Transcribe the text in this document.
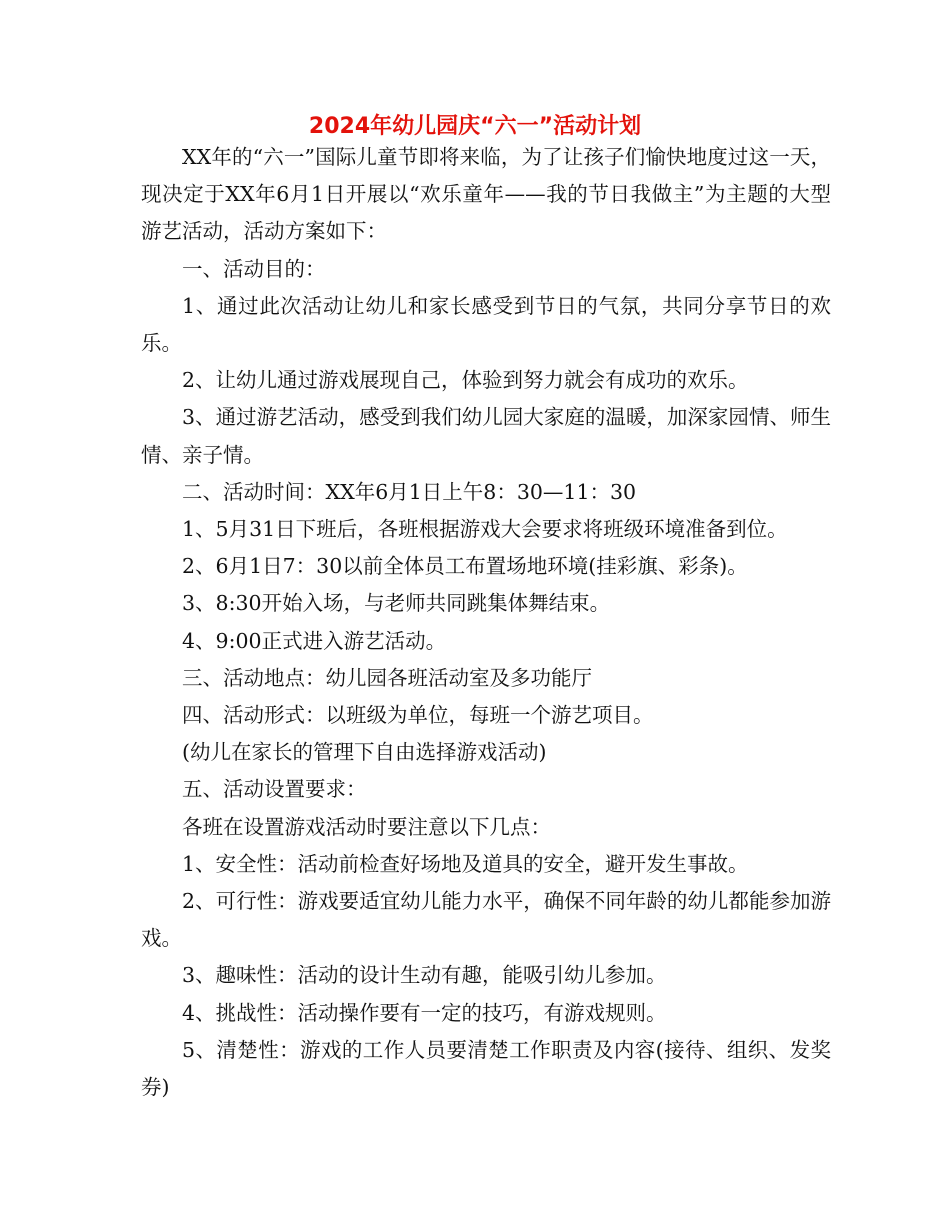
2024年幼儿园庆“六一”活动计划

XX年的“六一”国际儿童节即将来临，为了让孩子们愉快地度过这一天，现决定于XX年6月1日开展以“欢乐童年——我的节日我做主”为主题的大型游艺活动，活动方案如下：

一、活动目的：

1、通过此次活动让幼儿和家长感受到节日的气氛，共同分享节日的欢乐。

2、让幼儿通过游戏展现自己，体验到努力就会有成功的欢乐。

3、通过游艺活动，感受到我们幼儿园大家庭的温暖，加深家园情、师生情、亲子情。

二、活动时间：XX年6月1日上午8：30—11：30

1、5月31日下班后，各班根据游戏大会要求将班级环境准备到位。

2、6月1日7：30以前全体员工布置场地环境(挂彩旗、彩条)。

3、8:30开始入场，与老师共同跳集体舞结束。

4、9:00正式进入游艺活动。

三、活动地点：幼儿园各班活动室及多功能厅

四、活动形式：以班级为单位，每班一个游艺项目。

(幼儿在家长的管理下自由选择游戏活动)

五、活动设置要求：

各班在设置游戏活动时要注意以下几点：

1、安全性：活动前检查好场地及道具的安全，避开发生事故。

2、可行性：游戏要适宜幼儿能力水平，确保不同年龄的幼儿都能参加游戏。

3、趣味性：活动的设计生动有趣，能吸引幼儿参加。

4、挑战性：活动操作要有一定的技巧，有游戏规则。

5、清楚性：游戏的工作人员要清楚工作职责及内容(接待、组织、发奖券)
